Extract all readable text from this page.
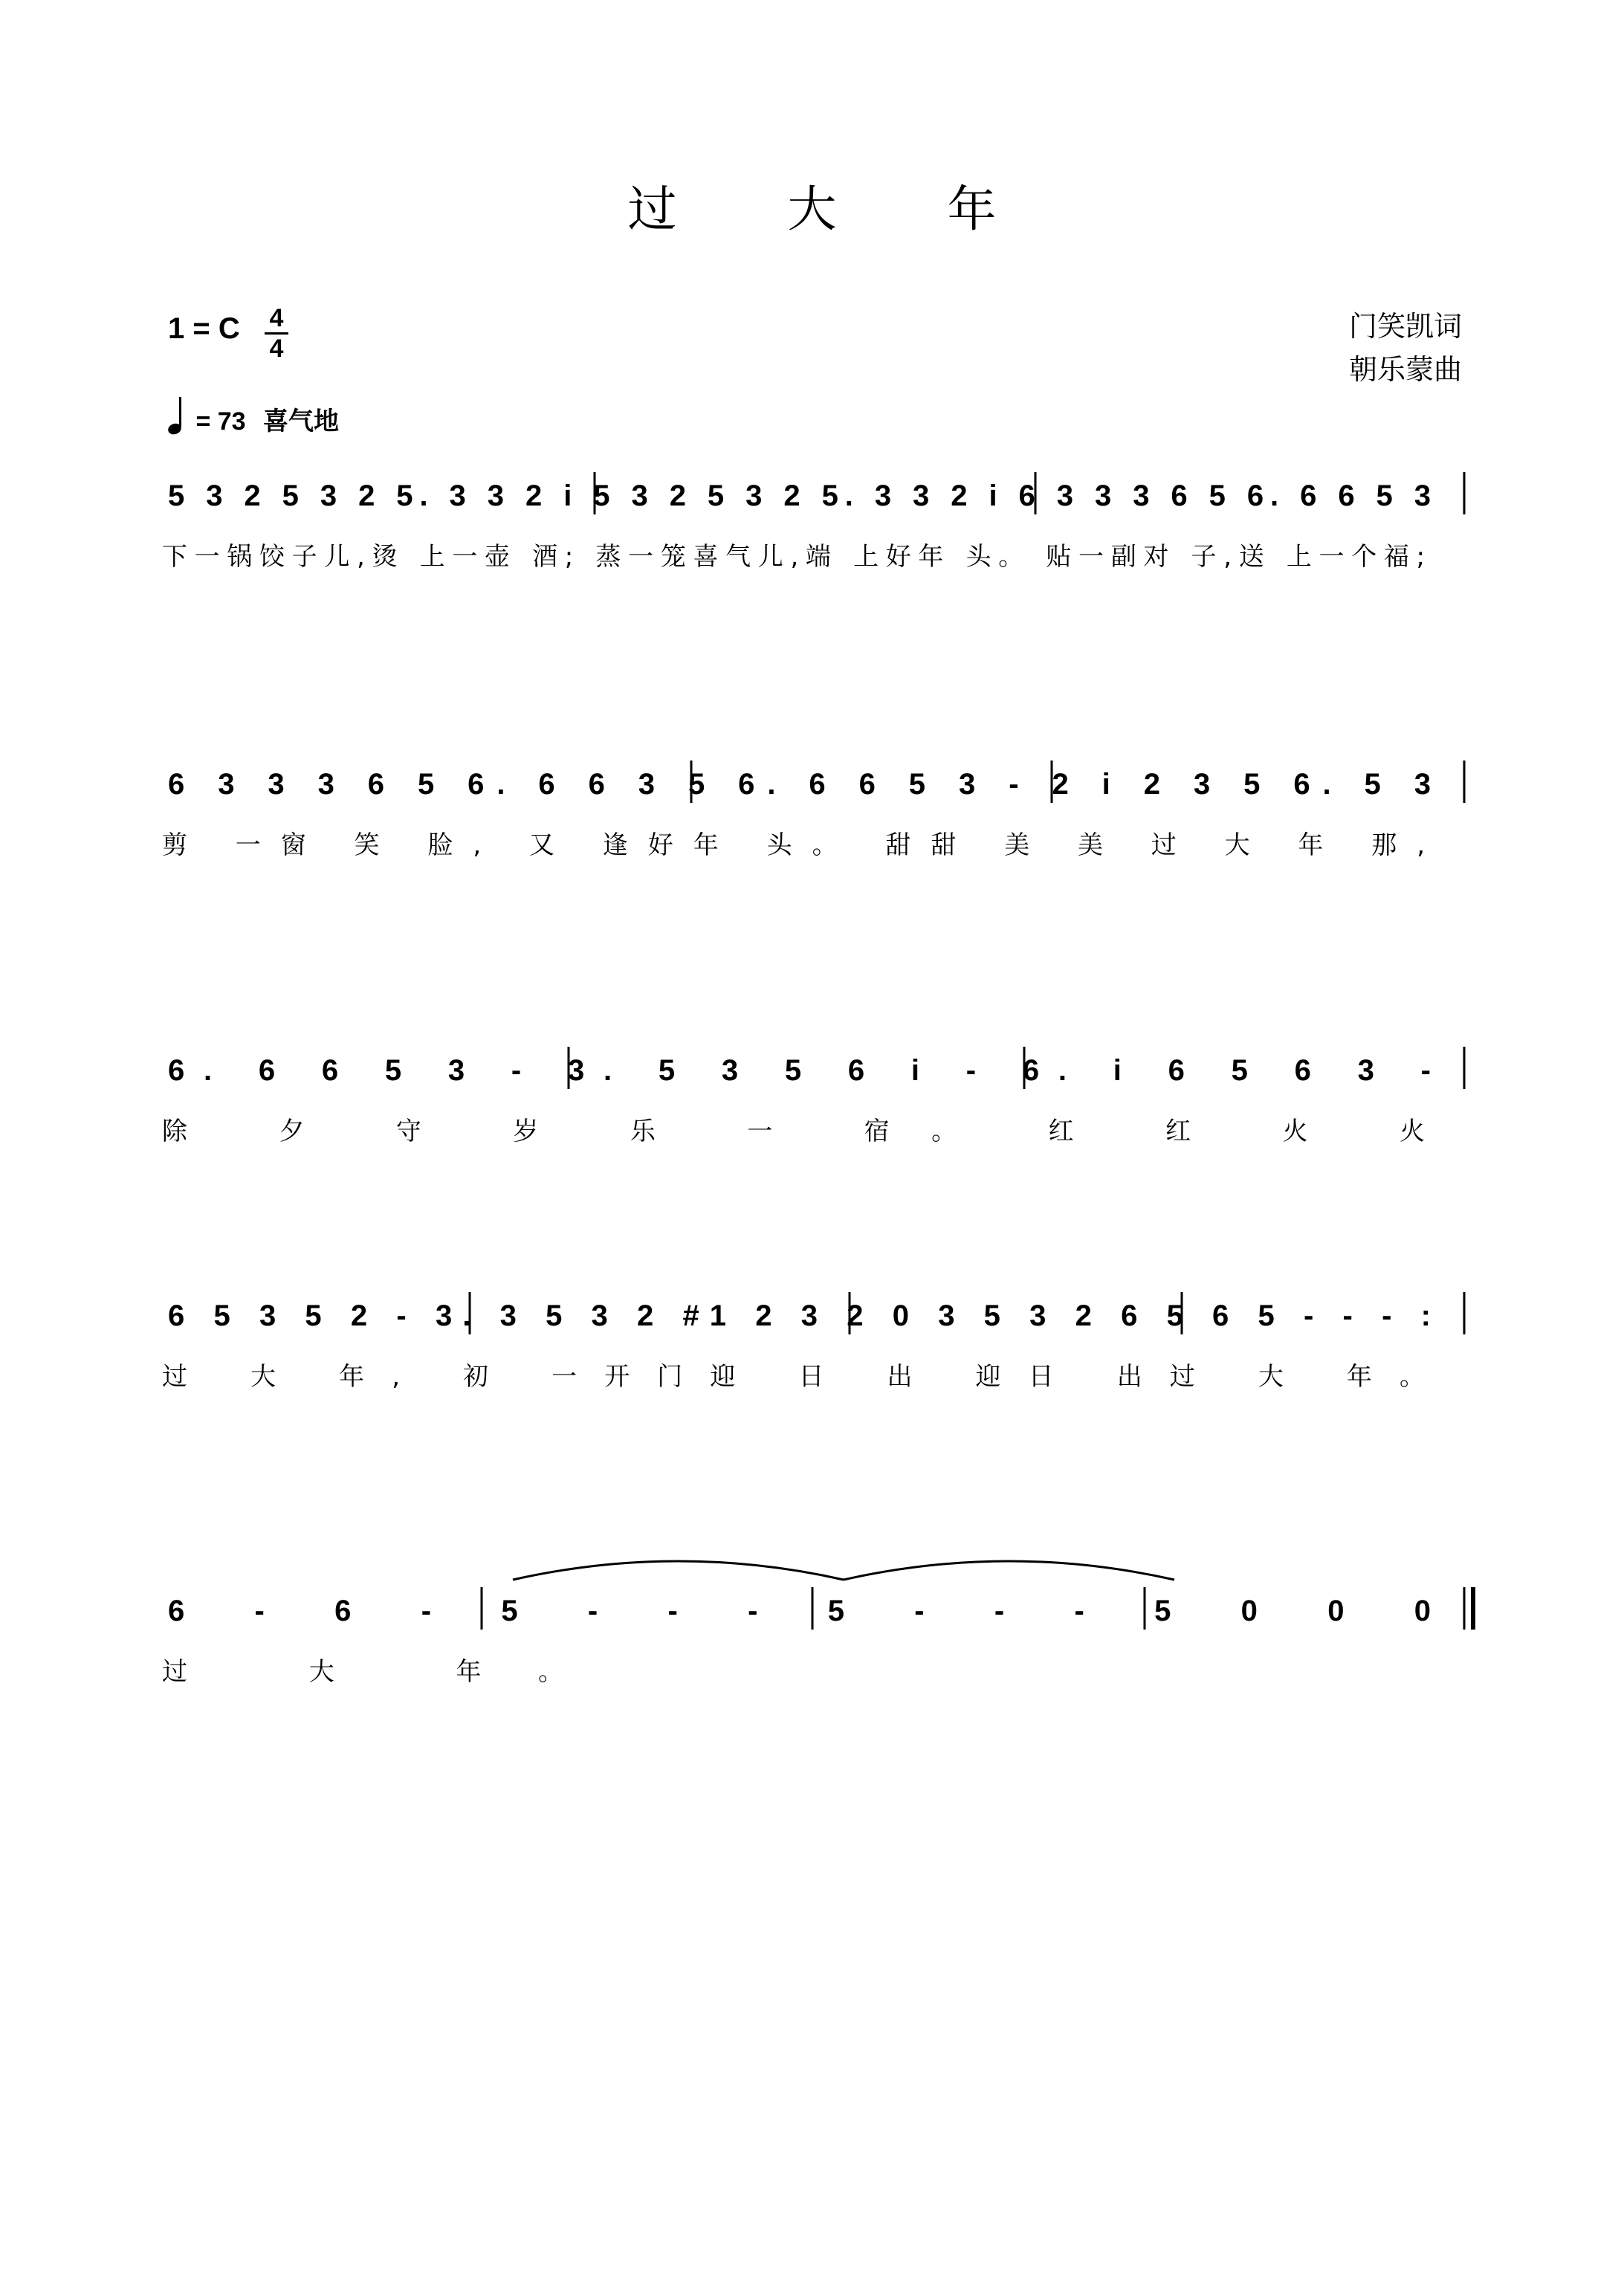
过 大 年
1 = C	4
4
门笑凯词
朝乐蒙曲
= 73 喜气地
5 3 2 5 3 2 5. 3 3 2 i 5 3 2 5 3 2 5. 3 3 2 i 6 3 3 3 6 5 6. 6 6 5 3
下一锅饺子儿,烫 上一壶 酒; 蒸一笼喜气儿,端 上好年 头。 贴一副对 子,送 上一个福;
6 3 3 3 6 5 6. 6 6 3 5 6. 6 6 5 3 - 2 i 2 3 5 6. 5 3
剪 一窗 笑 脸, 又 逢好年 头。 甜甜 美 美 过 大 年 那,
6. 6 6 5 3 - 3. 5 3 5 6 i - 6. i 6 5 6 3 -
除 夕 守 岁 乐 一 宿。 红 红 火 火
6 5 3 5 2 - 3. 3 5 3 2 #1 2 3 2 0 3 5 3 2 6 5 6 5 - - - :
过 大 年, 初 一开门迎 日 出 迎日 出过 大 年。
6 - 6 - 5 - - - 5 - - - 5 0 0 0
过 大 年。
